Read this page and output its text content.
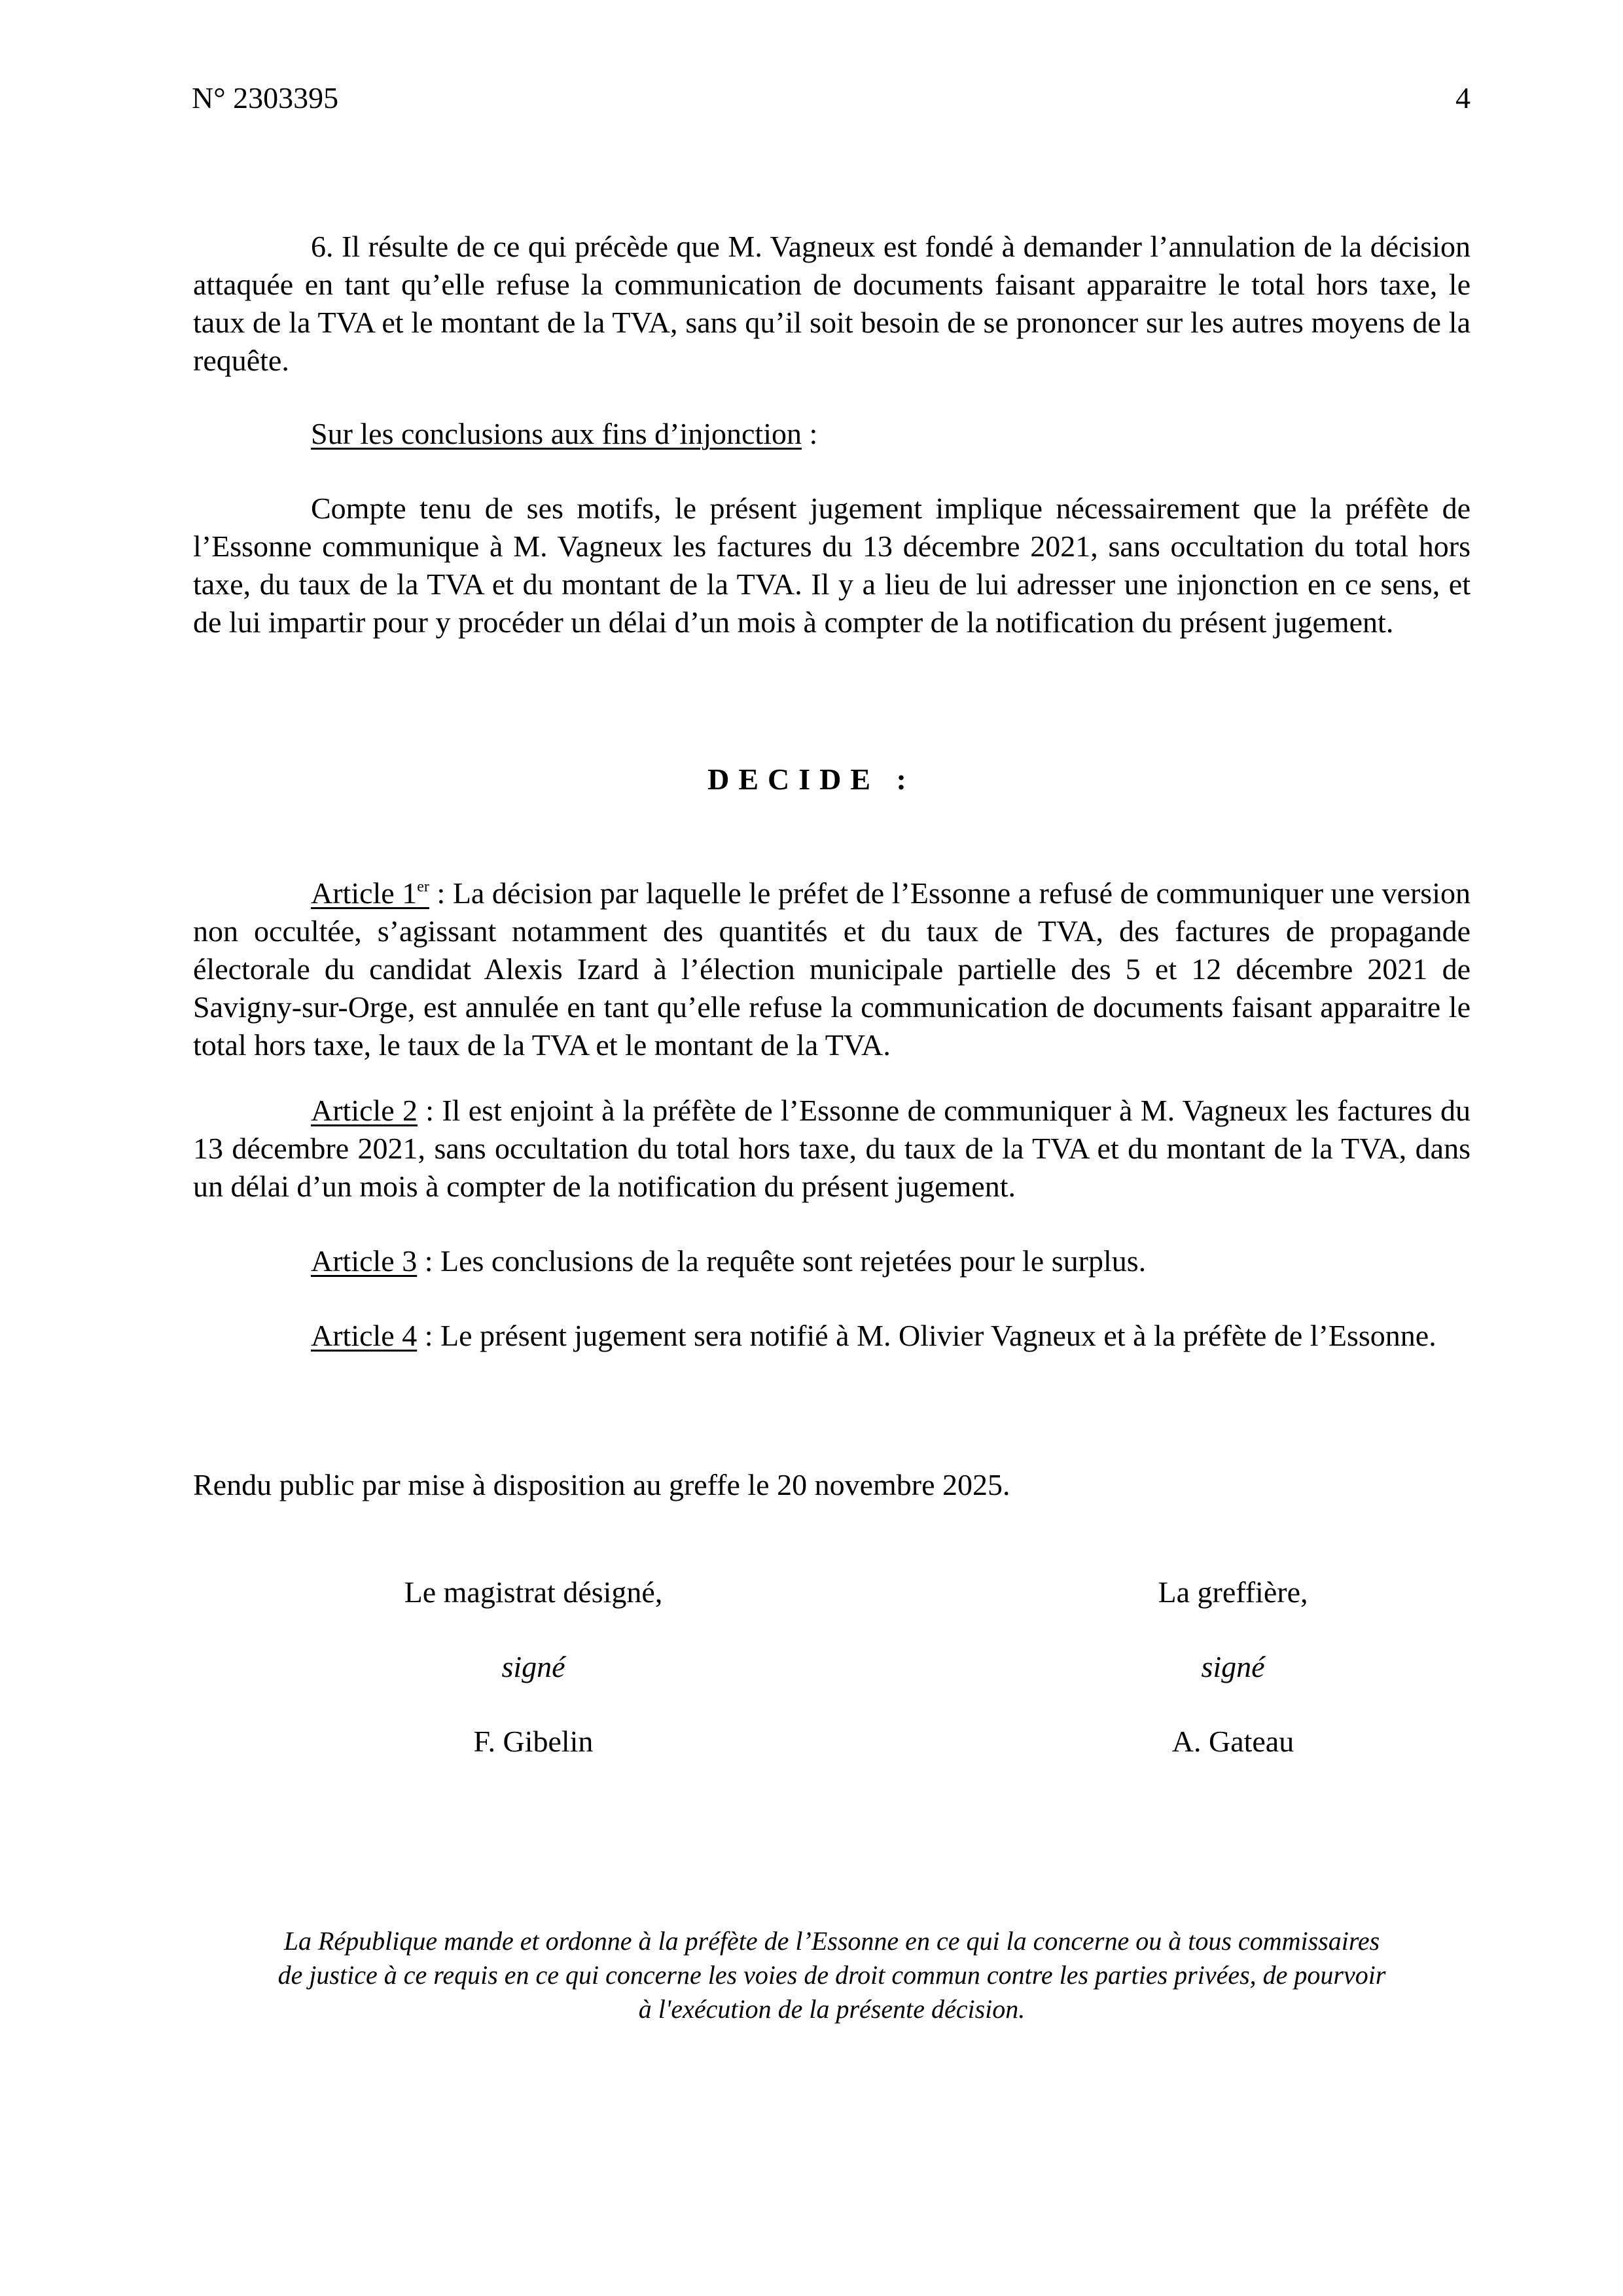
N° 2303395	4

6. Il résulte de ce qui précède que M. Vagneux est fondé à demander l’annulation de la décision attaquée en tant qu’elle refuse la communication de documents faisant apparaitre le total hors taxe, le taux de la TVA et le montant de la TVA, sans qu’il soit besoin de se prononcer sur les autres moyens de la requête.

Sur les conclusions aux fins d’injonction :

Compte tenu de ses motifs, le présent jugement implique nécessairement que la préfète de l’Essonne communique à M. Vagneux les factures du 13 décembre 2021, sans occultation du total hors taxe, du taux de la TVA et du montant de la TVA. Il y a lieu de lui adresser une injonction en ce sens, et de lui impartir pour y procéder un délai d’un mois à compter de la notification du présent jugement.

DECIDE :

Article 1er : La décision par laquelle le préfet de l’Essonne a refusé de communiquer une version non occultée, s’agissant notamment des quantités et du taux de TVA, des factures de propagande électorale du candidat Alexis Izard à l’élection municipale partielle des 5 et 12 décembre 2021 de Savigny-sur-Orge, est annulée en tant qu’elle refuse la communication de documents faisant apparaitre le total hors taxe, le taux de la TVA et le montant de la TVA.

Article 2 : Il est enjoint à la préfète de l’Essonne de communiquer à M. Vagneux les factures du 13 décembre 2021, sans occultation du total hors taxe, du taux de la TVA et du montant de la TVA, dans un délai d’un mois à compter de la notification du présent jugement.

Article 3 : Les conclusions de la requête sont rejetées pour le surplus.

Article 4 : Le présent jugement sera notifié à M. Olivier Vagneux et à la préfète de l’Essonne.

Rendu public par mise à disposition au greffe le 20 novembre 2025.
Le magistrat désigné,
signé
F. Gibelin
La greffière,
signé
A. Gateau
La République mande et ordonne à la préfète de l’Essonne en ce qui la concerne ou à tous commissaires
de justice à ce requis en ce qui concerne les voies de droit commun contre les parties privées, de pourvoir
à l'exécution de la présente décision.
